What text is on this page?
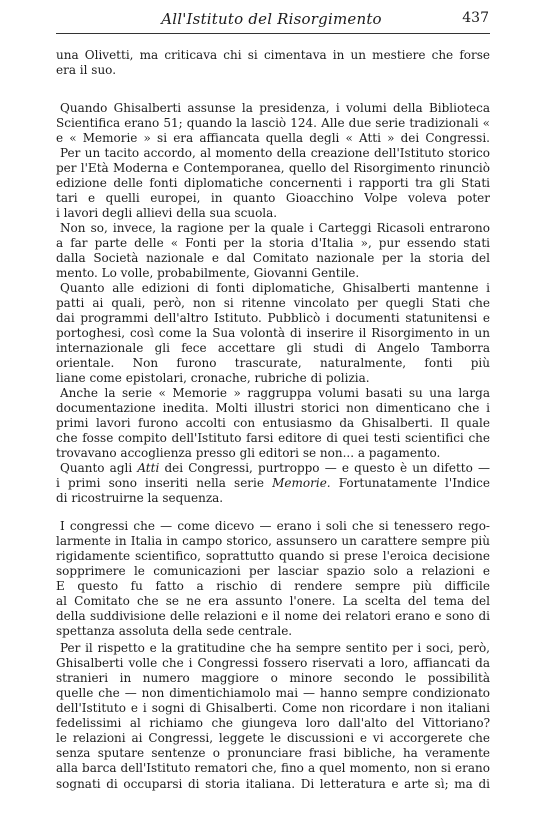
All'Istituto del Risorgimento	437
una Olivetti, ma criticava chi si cimentava in un mestiere che forse
era il suo.
Quando Ghisalberti assunse la presidenza, i volumi della Biblioteca
Scientifica erano 51; quando la lasciò 124. Alle due serie tradizionali «
e « Memorie » si era affiancata quella degli « Atti » dei Congressi.
Per un tacito accordo, al momento della creazione dell'Istituto storico
per l'Età Moderna e Contemporanea, quello del Risorgimento rinunciò
edizione delle fonti diplomatiche concernenti i rapporti tra gli Stati
tari e quelli europei, in quanto Gioacchino Volpe voleva poter
i lavori degli allievi della sua scuola.
Non so, invece, la ragione per la quale i Carteggi Ricasoli entrarono
a far parte delle « Fonti per la storia d'Italia », pur essendo stati
dalla Società nazionale e dal Comitato nazionale per la storia del
mento. Lo volle, probabilmente, Giovanni Gentile.
Quanto alle edizioni di fonti diplomatiche, Ghisalberti mantenne i
patti ai quali, però, non si ritenne vincolato per quegli Stati che
dai programmi dell'altro Istituto. Pubblicò i documenti statunitensi e
portoghesi, così come la Sua volontà di inserire il Risorgimento in un
internazionale gli fece accettare gli studi di Angelo Tamborra
orientale. Non furono trascurate, naturalmente, fonti più
liane come epistolari, cronache, rubriche di polizia.
Anche la serie « Memorie » raggruppa volumi basati su una larga
documentazione inedita. Molti illustri storici non dimenticano che i
primi lavori furono accolti con entusiasmo da Ghisalberti. Il quale
che fosse compito dell'Istituto farsi editore di quei testi scientifici che
trovavano accoglienza presso gli editori se non... a pagamento.
Quanto agli Atti dei Congressi, purtroppo — e questo è un difetto —
i primi sono inseriti nella serie Memorie. Fortunatamente l'Indice
di ricostruirne la sequenza.
I congressi che — come dicevo — erano i soli che si tenessero rego-
larmente in Italia in campo storico, assunsero un carattere sempre più
rigidamente scientifico, soprattutto quando si prese l'eroica decisione
sopprimere le comunicazioni per lasciar spazio solo a relazioni e
E questo fu fatto a rischio di rendere sempre più difficile
al Comitato che se ne era assunto l'onere. La scelta del tema del
della suddivisione delle relazioni e il nome dei relatori erano e sono di
spettanza assoluta della sede centrale.
Per il rispetto e la gratitudine che ha sempre sentito per i soci, però,
Ghisalberti volle che i Congressi fossero riservati a loro, affiancati da
stranieri in numero maggiore o minore secondo le possibilità
quelle che — non dimentichiamolo mai — hanno sempre condizionato
dell'Istituto e i sogni di Ghisalberti. Come non ricordare i non italiani
fedelissimi al richiamo che giungeva loro dall'alto del Vittoriano?
le relazioni ai Congressi, leggete le discussioni e vi accorgerete che
senza sputare sentenze o pronunciare frasi bibliche, ha veramente
alla barca dell'Istituto rematori che, fino a quel momento, non si erano
sognati di occuparsi di storia italiana. Di letteratura e arte sì; ma di
